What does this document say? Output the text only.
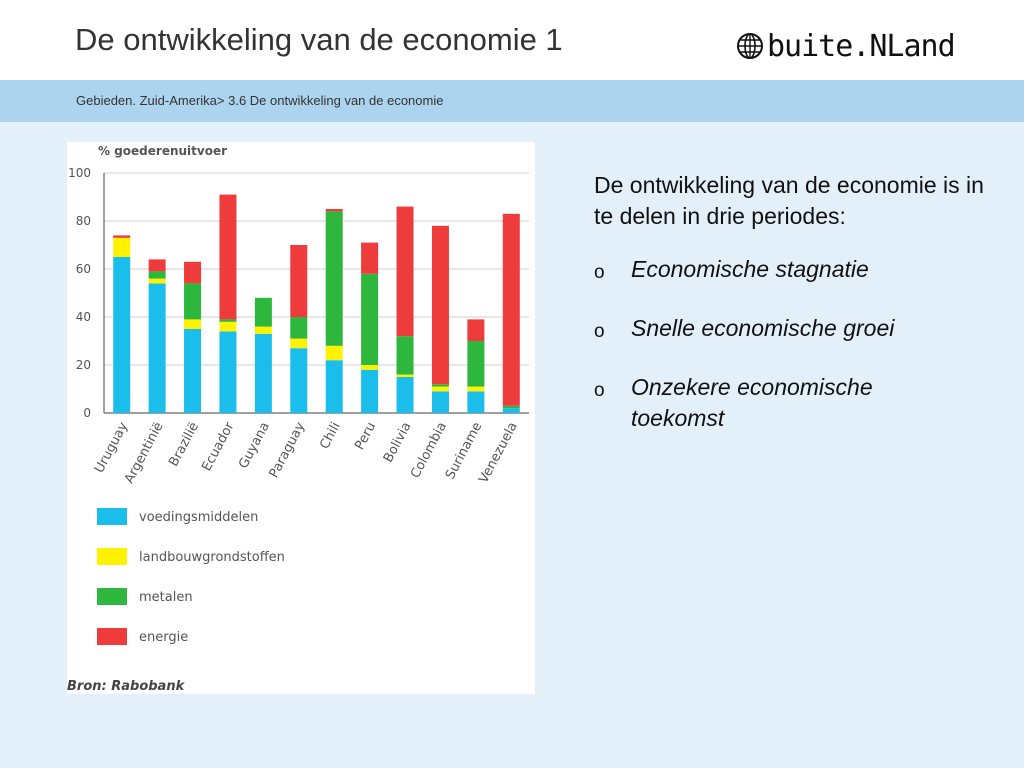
De ontwikkeling van de economie 1	buite.NLand
Gebieden. Zuid-Amerika> 3.6 De ontwikkeling van de economie
% goederenuitvoer
0
20
40
60
80
100
Uruguay
Argentinië Brazilië
Ecuador
Guyana
Paraguay Chili Peru Bolivia
Colombia
Suriname
Venezuela
voedingsmiddelen
landbouwgrondstoffen
metalen
energie
Bron: Rabobank

De ontwikkeling van de economie is in te delen in drie periodes:

o	Economische stagnatie
o	Snelle economische groei
o	Onzekere economische toekomst
